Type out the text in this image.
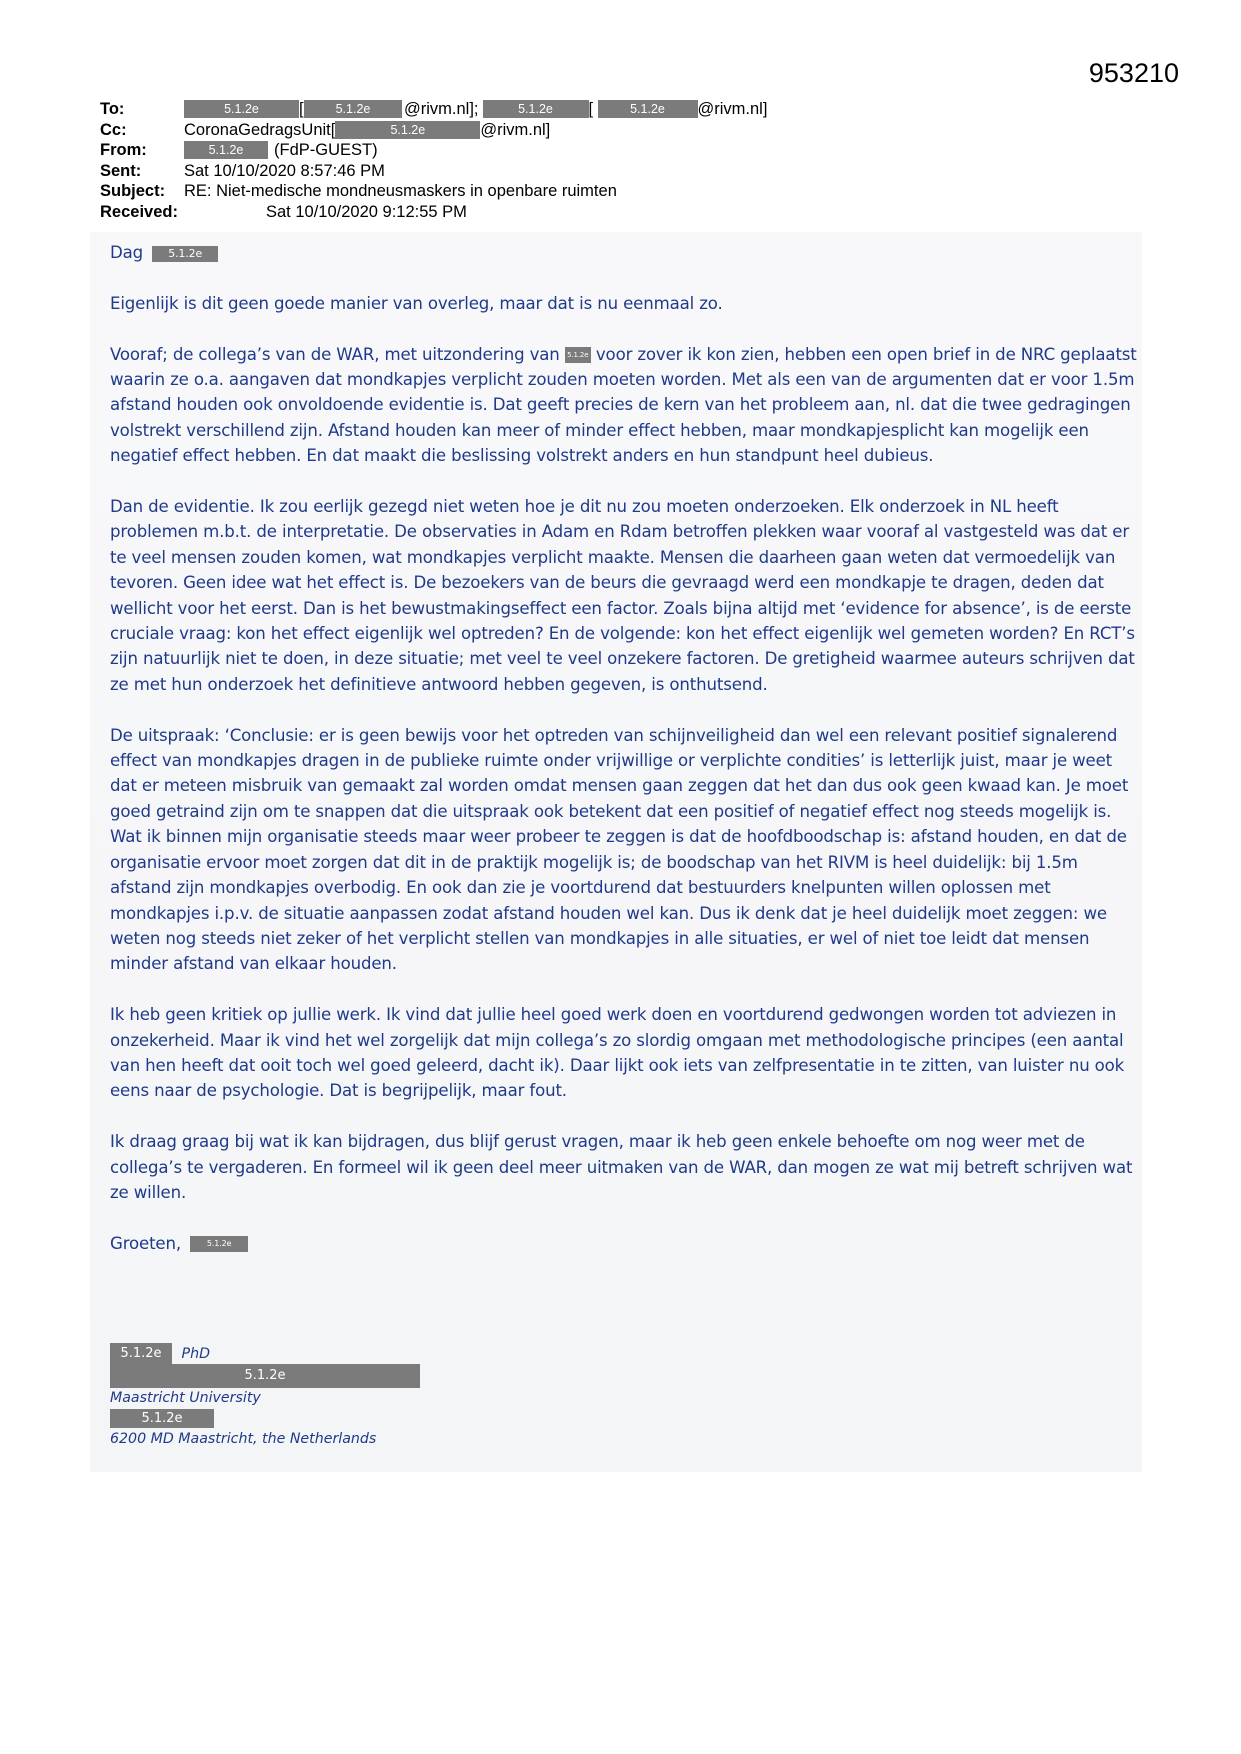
953210
To:	5.1.2e	[	5.1.2e	@rivm.nl];	5.1.2e	[	5.1.2e	@rivm.nl]
Cc:	CoronaGedragsUnit[	5.1.2e	@rivm.nl]
From:	5.1.2e	(FdP-GUEST)
Sent:	Sat 10/10/2020 8:57:46 PM
Subject:	RE: Niet-medische mondneusmaskers in openbare ruimten
Received:	Sat 10/10/2020 9:12:55 PM

Dag 5.1.2e

Eigenlijk is dit geen goede manier van overleg, maar dat is nu eenmaal zo.

Vooraf; de collega’s van de WAR, met uitzondering van 5.1.2e voor zover ik kon zien, hebben een open brief in de NRC geplaatst waarin ze o.a. aangaven dat mondkapjes verplicht zouden moeten worden. Met als een van de argumenten dat er voor 1.5m afstand houden ook onvoldoende evidentie is. Dat geeft precies de kern van het probleem aan, nl. dat die twee gedragingen volstrekt verschillend zijn. Afstand houden kan meer of minder effect hebben, maar mondkapjesplicht kan mogelijk een negatief effect hebben. En dat maakt die beslissing volstrekt anders en hun standpunt heel dubieus.

Dan de evidentie. Ik zou eerlijk gezegd niet weten hoe je dit nu zou moeten onderzoeken. Elk onderzoek in NL heeft problemen m.b.t. de interpretatie. De observaties in Adam en Rdam betroffen plekken waar vooraf al vastgesteld was dat er te veel mensen zouden komen, wat mondkapjes verplicht maakte. Mensen die daarheen gaan weten dat vermoedelijk van tevoren. Geen idee wat het effect is. De bezoekers van de beurs die gevraagd werd een mondkapje te dragen, deden dat wellicht voor het eerst. Dan is het bewustmakingseffect een factor. Zoals bijna altijd met ‘evidence for absence’, is de eerste cruciale vraag: kon het effect eigenlijk wel optreden? En de volgende: kon het effect eigenlijk wel gemeten worden? En RCT’s zijn natuurlijk niet te doen, in deze situatie; met veel te veel onzekere factoren. De gretigheid waarmee auteurs schrijven dat ze met hun onderzoek het definitieve antwoord hebben gegeven, is onthutsend.

De uitspraak: ‘Conclusie: er is geen bewijs voor het optreden van schijnveiligheid dan wel een relevant positief signalerend effect van mondkapjes dragen in de publieke ruimte onder vrijwillige or verplichte condities’ is letterlijk juist, maar je weet dat er meteen misbruik van gemaakt zal worden omdat mensen gaan zeggen dat het dan dus ook geen kwaad kan. Je moet goed getraind zijn om te snappen dat die uitspraak ook betekent dat een positief of negatief effect nog steeds mogelijk is. Wat ik binnen mijn organisatie steeds maar weer probeer te zeggen is dat de hoofdboodschap is: afstand houden, en dat de organisatie ervoor moet zorgen dat dit in de praktijk mogelijk is; de boodschap van het RIVM is heel duidelijk: bij 1.5m afstand zijn mondkapjes overbodig. En ook dan zie je voortdurend dat bestuurders knelpunten willen oplossen met mondkapjes i.p.v. de situatie aanpassen zodat afstand houden wel kan. Dus ik denk dat je heel duidelijk moet zeggen: we weten nog steeds niet zeker of het verplicht stellen van mondkapjes in alle situaties, er wel of niet toe leidt dat mensen minder afstand van elkaar houden.

Ik heb geen kritiek op jullie werk. Ik vind dat jullie heel goed werk doen en voortdurend gedwongen worden tot adviezen in onzekerheid. Maar ik vind het wel zorgelijk dat mijn collega’s zo slordig omgaan met methodologische principes (een aantal van hen heeft dat ooit toch wel goed geleerd, dacht ik). Daar lijkt ook iets van zelfpresentatie in te zitten, van luister nu ook eens naar de psychologie. Dat is begrijpelijk, maar fout.

Ik draag graag bij wat ik kan bijdragen, dus blijf gerust vragen, maar ik heb geen enkele behoefte om nog weer met de collega’s te vergaderen. En formeel wil ik geen deel meer uitmaken van de WAR, dan mogen ze wat mij betreft schrijven wat ze willen.

Groeten,	5.1.2e

5.1.2e PhD
5.1.2e
Maastricht University
5.1.2e
6200 MD Maastricht, the Netherlands
